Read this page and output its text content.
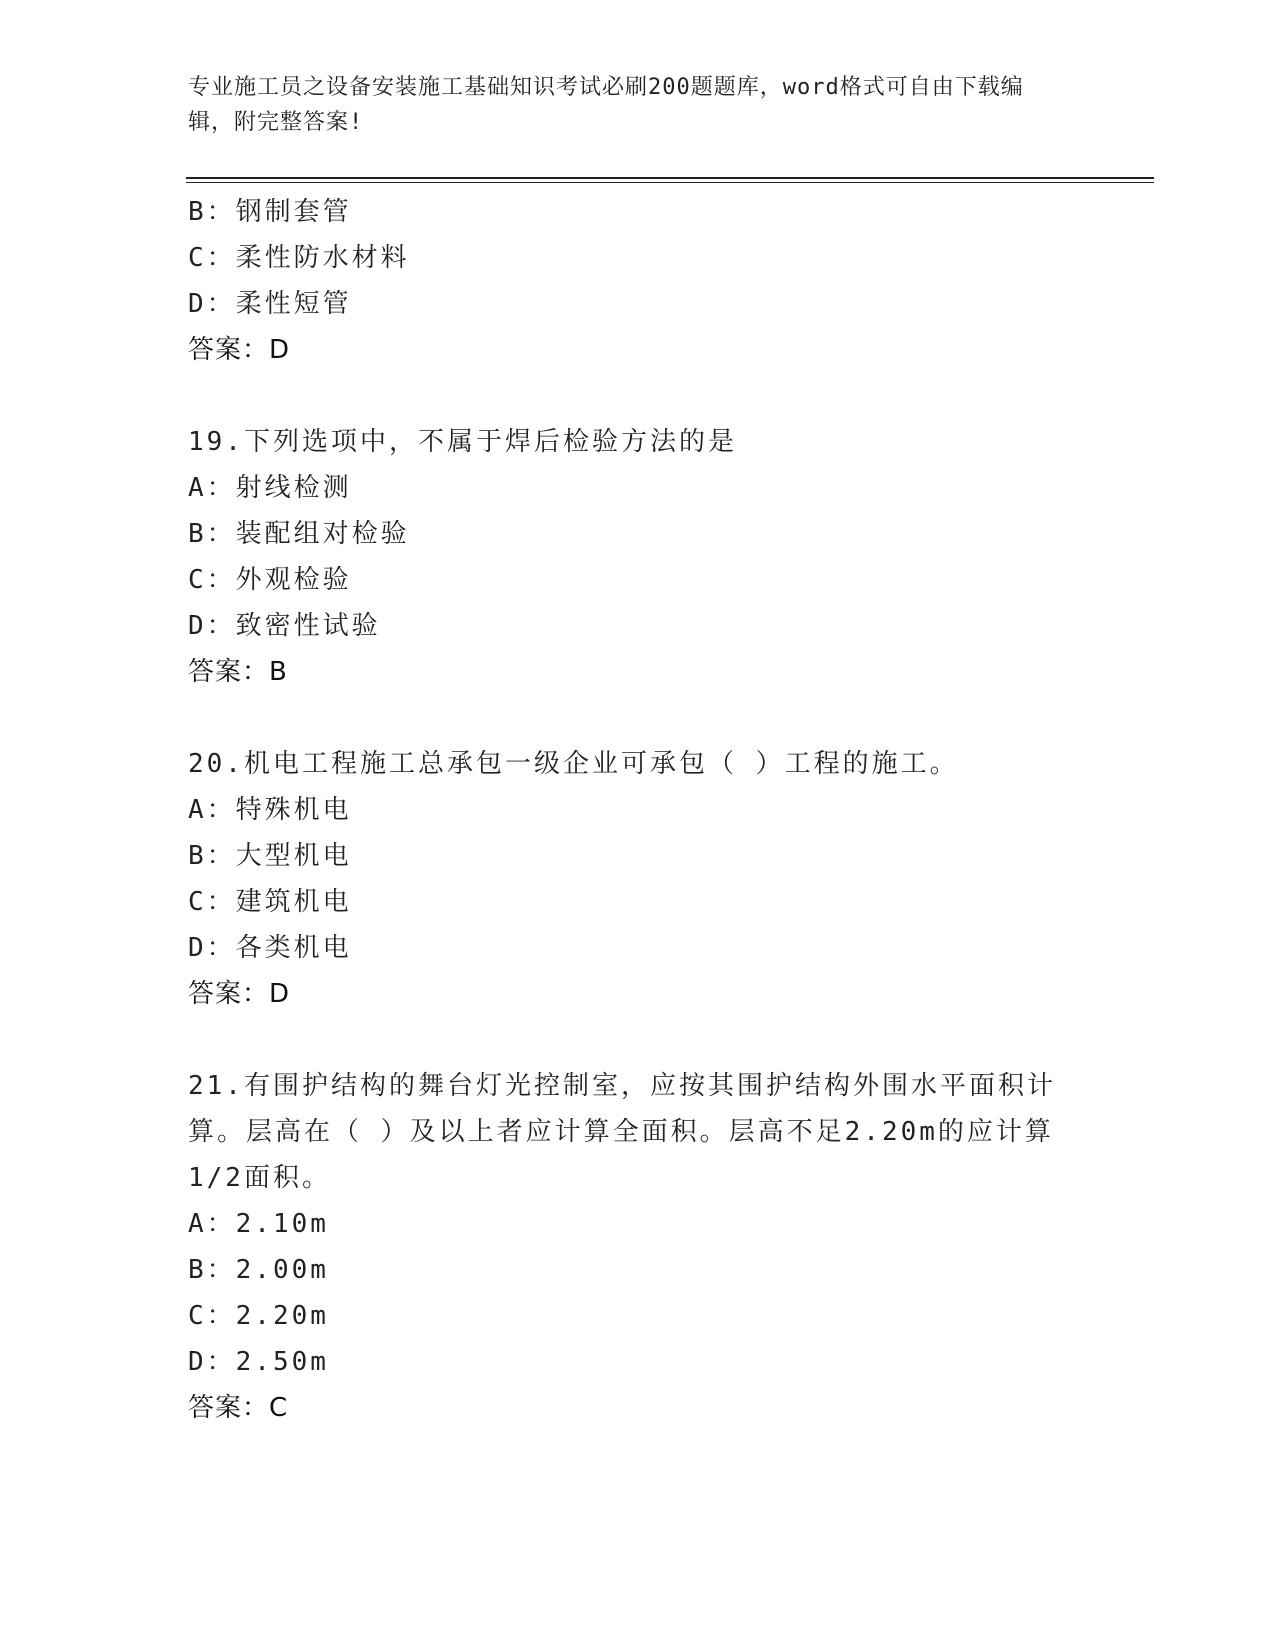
专业施工员之设备安装施工基础知识考试必刷200题题库，word格式可自由下载编辑，附完整答案!
B：钢制套管
C：柔性防水材料
D：柔性短管
答案：D
19.下列选项中，不属于焊后检验方法的是
A：射线检测
B：装配组对检验
C：外观检验
D：致密性试验
答案：B
20.机电工程施工总承包一级企业可承包（ ）工程的施工。
A：特殊机电
B：大型机电
C：建筑机电
D：各类机电
答案：D
21.有围护结构的舞台灯光控制室，应按其围护结构外围水平面积计算。层高在（ ）及以上者应计算全面积。层高不足2.20m的应计算1/2面积。
A：2.10m
B：2.00m
C：2.20m
D：2.50m
答案：C
